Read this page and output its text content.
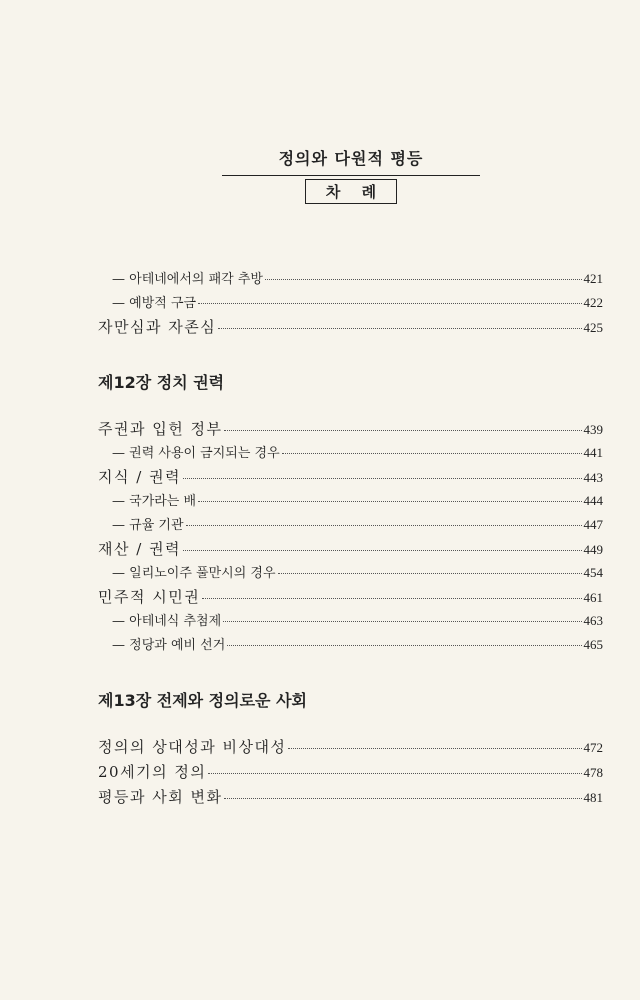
정의와 다원적 평등
차 례
— 아테네에서의 패각 추방	421
— 예방적 구금	422
자만심과 자존심	425
제12장 정치 권력
주권과 입헌 정부	439
— 권력 사용이 금지되는 경우	441
지식 / 권력	443
— 국가라는 배	444
— 규율 기관	447
재산 / 권력	449
— 일리노이주 풀만시의 경우	454
민주적 시민권	461
— 아테네식 추첨제	463
— 정당과 예비 선거	465
제13장 전제와 정의로운 사회
정의의 상대성과 비상대성	472
20세기의 정의	478
평등과 사회 변화	481
